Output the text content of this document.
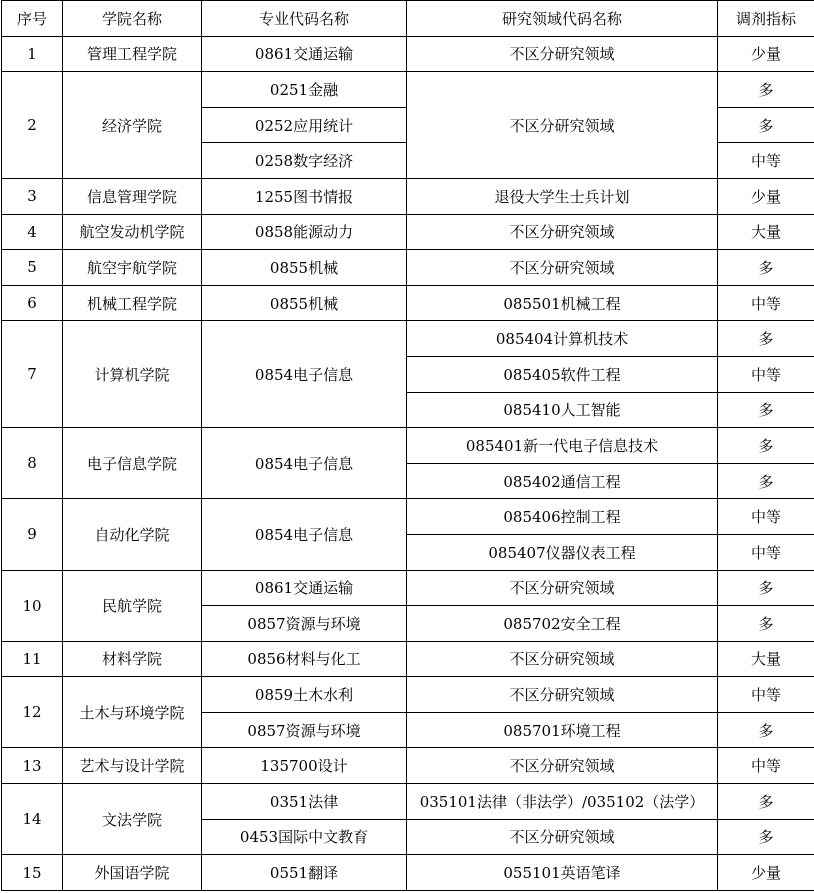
序号	学院名称	专业代码名称	研究领域代码名称	调剂指标
1	管理工程学院	0861交通运输	不区分研究领域	少量
2	经济学院	0251金融	不区分研究领域	多
		0252应用统计		多
		0258数字经济		中等
3	信息管理学院	1255图书情报	退役大学生士兵计划	少量
4	航空发动机学院	0858能源动力	不区分研究领域	大量
5	航空宇航学院	0855机械	不区分研究领域	多
6	机械工程学院	0855机械	085501机械工程	中等
7	计算机学院	0854电子信息	085404计算机技术	多
			085405软件工程	中等
			085410人工智能	多
8	电子信息学院	0854电子信息	085401新一代电子信息技术	多
			085402通信工程	多
9	自动化学院	0854电子信息	085406控制工程	中等
			085407仪器仪表工程	中等
10	民航学院	0861交通运输	不区分研究领域	多
		0857资源与环境	085702安全工程	多
11	材料学院	0856材料与化工	不区分研究领域	大量
12	土木与环境学院	0859土木水利	不区分研究领域	中等
		0857资源与环境	085701环境工程	多
13	艺术与设计学院	135700设计	不区分研究领域	中等
14	文法学院	0351法律	035101法律（非法学）/035102（法学）	多
		0453国际中文教育	不区分研究领域	多
15	外国语学院	0551翻译	055101英语笔译	少量
